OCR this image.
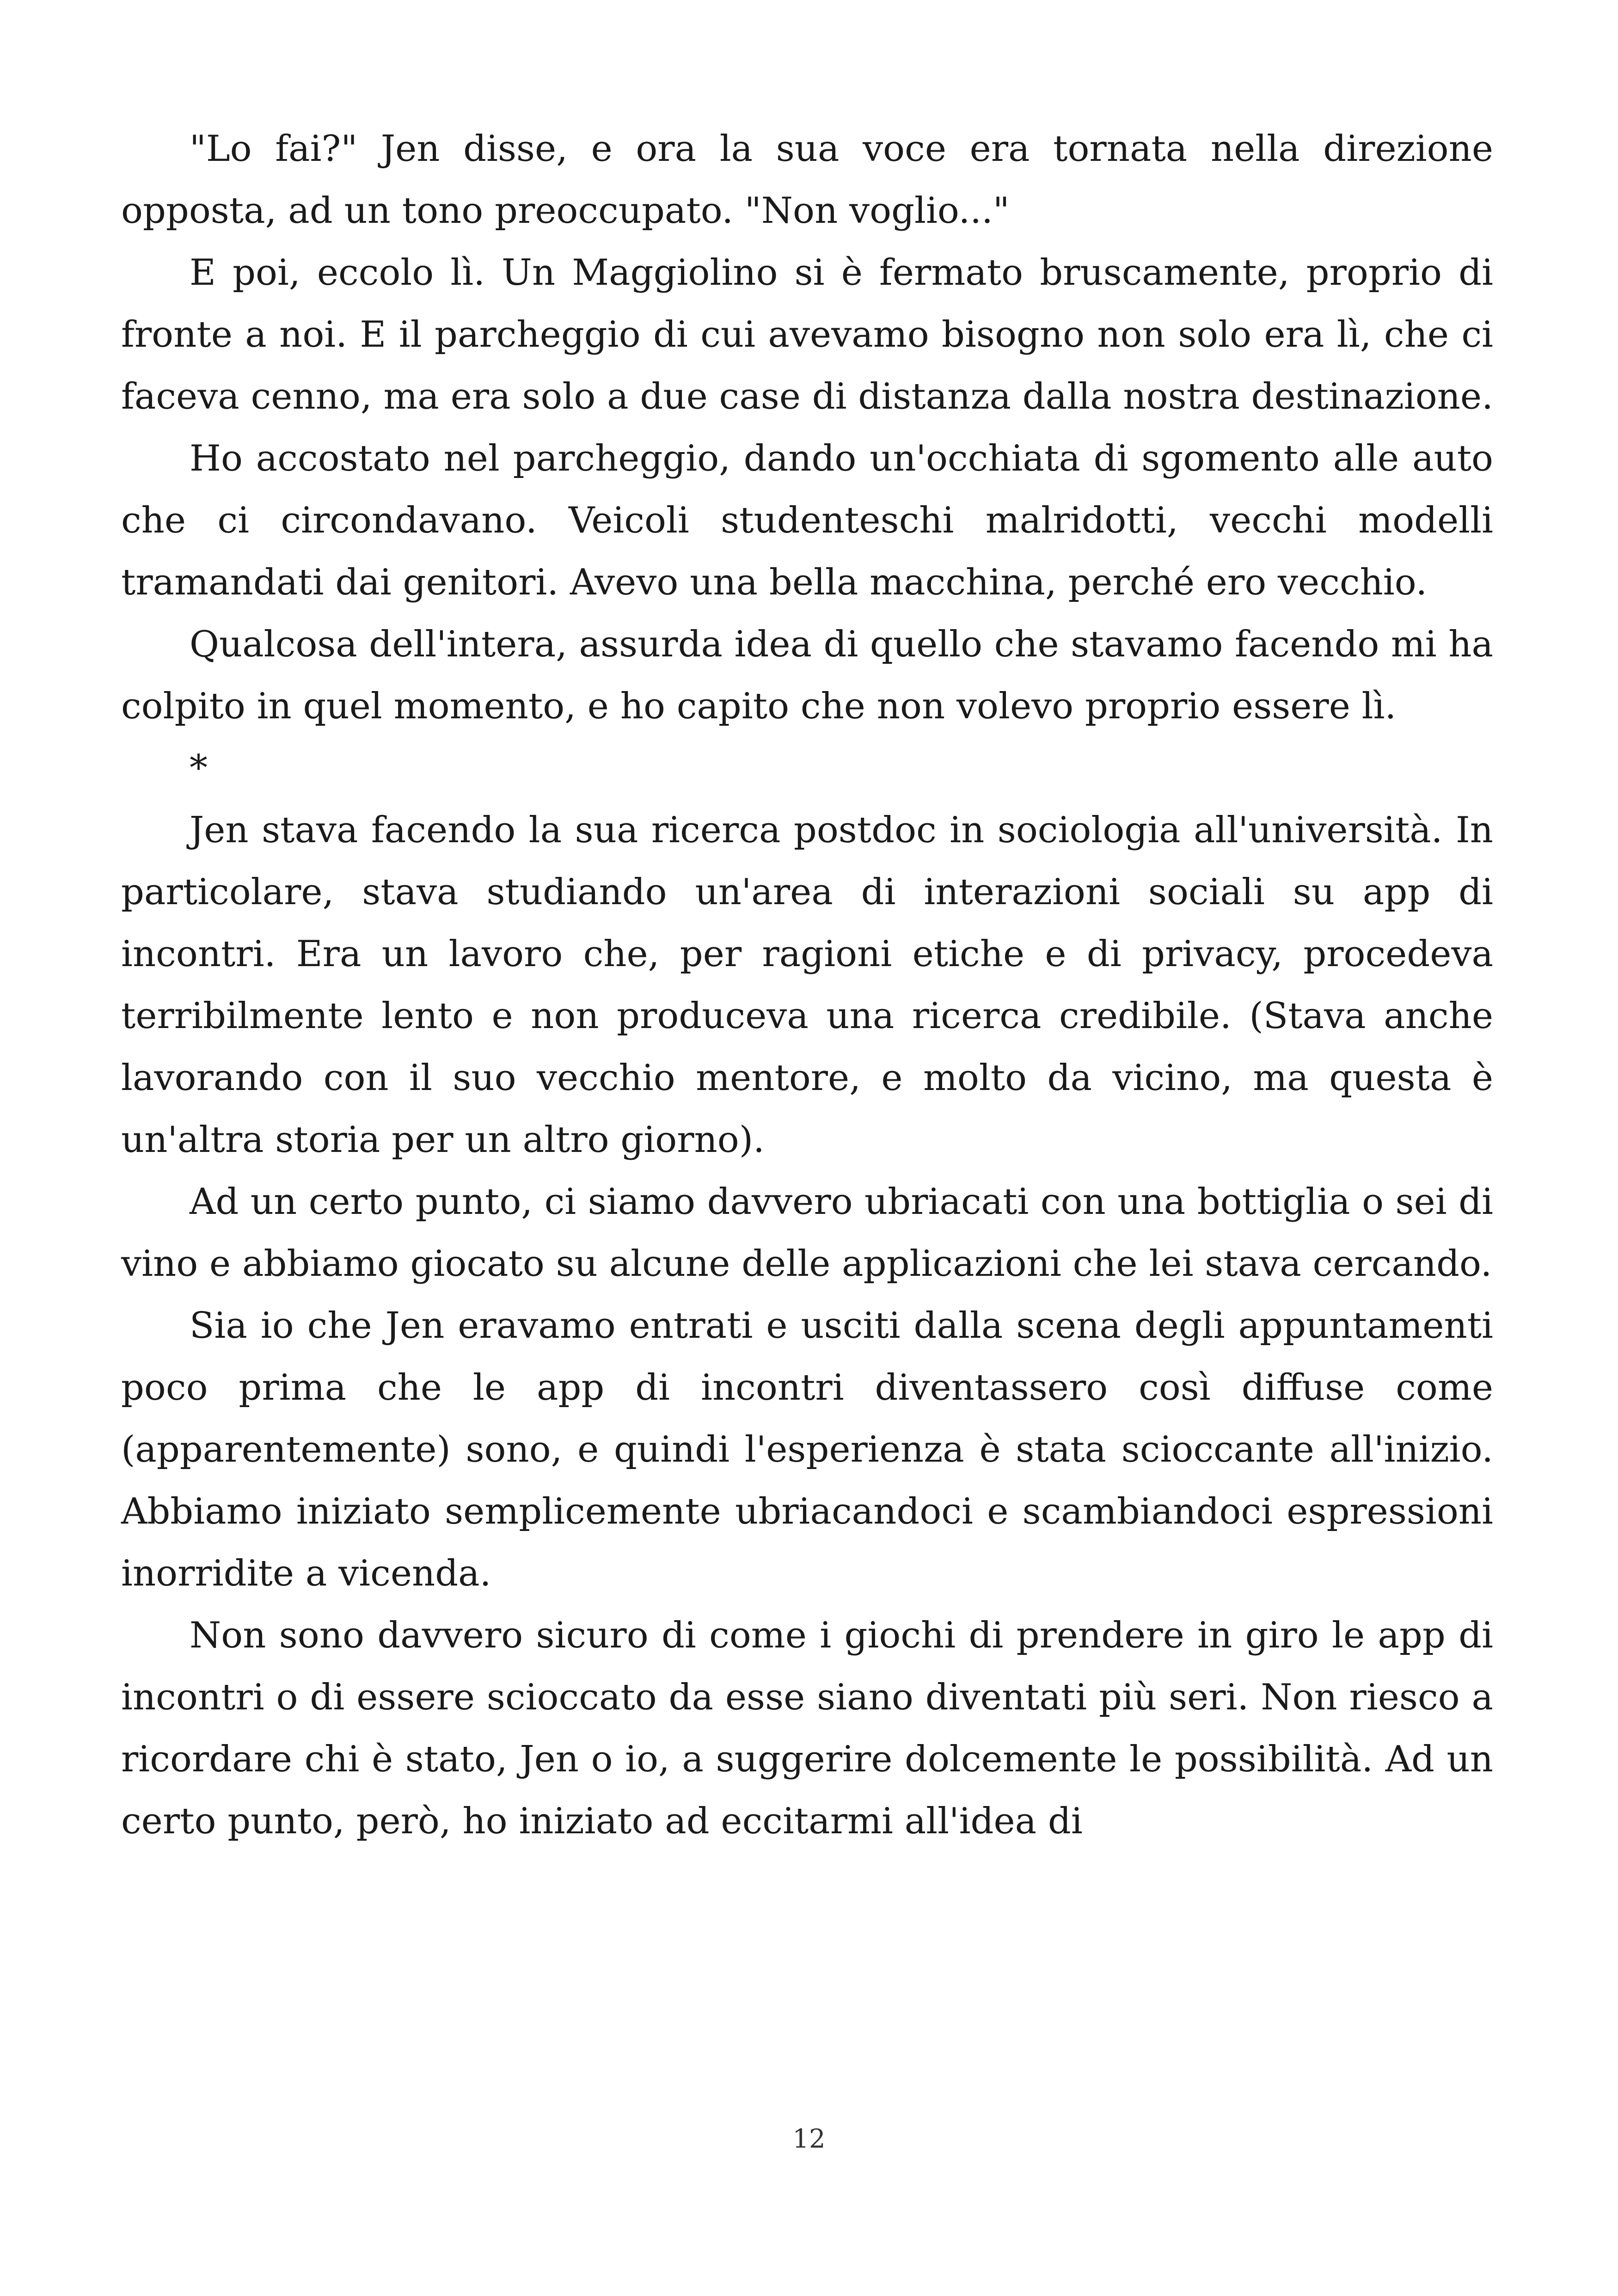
"Lo fai?" Jen disse, e ora la sua voce era tornata nella direzione opposta, ad un tono preoccupato. "Non voglio..."

E poi, eccolo lì. Un Maggiolino si è fermato bruscamente, proprio di fronte a noi. E il parcheggio di cui avevamo bisogno non solo era lì, che ci faceva cenno, ma era solo a due case di distanza dalla nostra destinazione.

Ho accostato nel parcheggio, dando un'occhiata di sgomento alle auto che ci circondavano. Veicoli studenteschi malridotti, vecchi modelli tramandati dai genitori. Avevo una bella macchina, perché ero vecchio.

Qualcosa dell'intera, assurda idea di quello che stavamo facendo mi ha colpito in quel momento, e ho capito che non volevo proprio essere lì.

*

Jen stava facendo la sua ricerca postdoc in sociologia all'università. In particolare, stava studiando un'area di interazioni sociali su app di incontri. Era un lavoro che, per ragioni etiche e di privacy, procedeva terribilmente lento e non produceva una ricerca credibile. (Stava anche lavorando con il suo vecchio mentore, e molto da vicino, ma questa è un'altra storia per un altro giorno).

Ad un certo punto, ci siamo davvero ubriacati con una bottiglia o sei di vino e abbiamo giocato su alcune delle applicazioni che lei stava cercando.

Sia io che Jen eravamo entrati e usciti dalla scena degli appuntamenti poco prima che le app di incontri diventassero così diffuse come (apparentemente) sono, e quindi l'esperienza è stata scioccante all'inizio. Abbiamo iniziato semplicemente ubriacandoci e scambiandoci espressioni inorridite a vicenda.

Non sono davvero sicuro di come i giochi di prendere in giro le app di incontri o di essere scioccato da esse siano diventati più seri. Non riesco a ricordare chi è stato, Jen o io, a suggerire dolcemente le possibilità. Ad un certo punto, però, ho iniziato ad eccitarmi all'idea di

12
